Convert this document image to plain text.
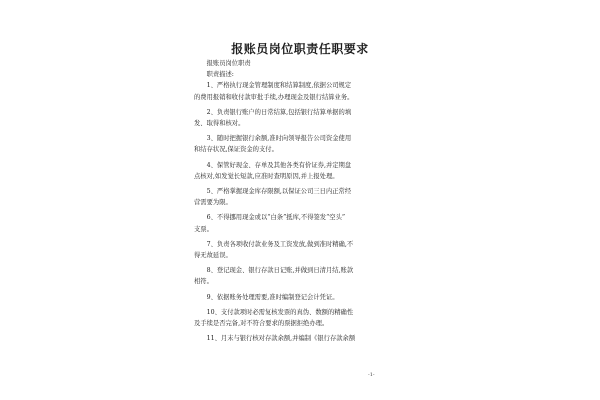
报账员岗位职责任职要求

报账员岗位职责

职责描述:

1、严格执行现金管理制度和结算制度,依据公司规定

的费用报销和收付款审批手续,办理现金及银行结算业务。

2、负责银行账户的日常结算,包括银行结算单据的填

发、取得和核对。

3、随时把握银行余额,准时向领导报告公司资金使用

和结存状况,保证资金的支付。

4、保管好现金、存单及其他各类有价证券,并定期盘

点核对,如发觉长短款,应准时查明原因,并上报处理。

5、严格掌握现金库存限额,以保证公司三日内正常经

营需要为限。

6、不得挪用现金或以“白条”抵库,不得签发“空头”

支票。

7、负责各项收付款业务及工资发放,做到准时精确,不

得无故延误。

8、登记现金、银行存款日记账,并做到日清月结,账款

相符。

9、依据账务处理需要,准时编制登记会计凭证。

10、支付款项时必需复核发票的真伪、数额的精确性

及手续是否完备,对不符合要求的票据拒绝办理。

11、月末与银行核对存款余额,并编制《银行存款余额

-1-
